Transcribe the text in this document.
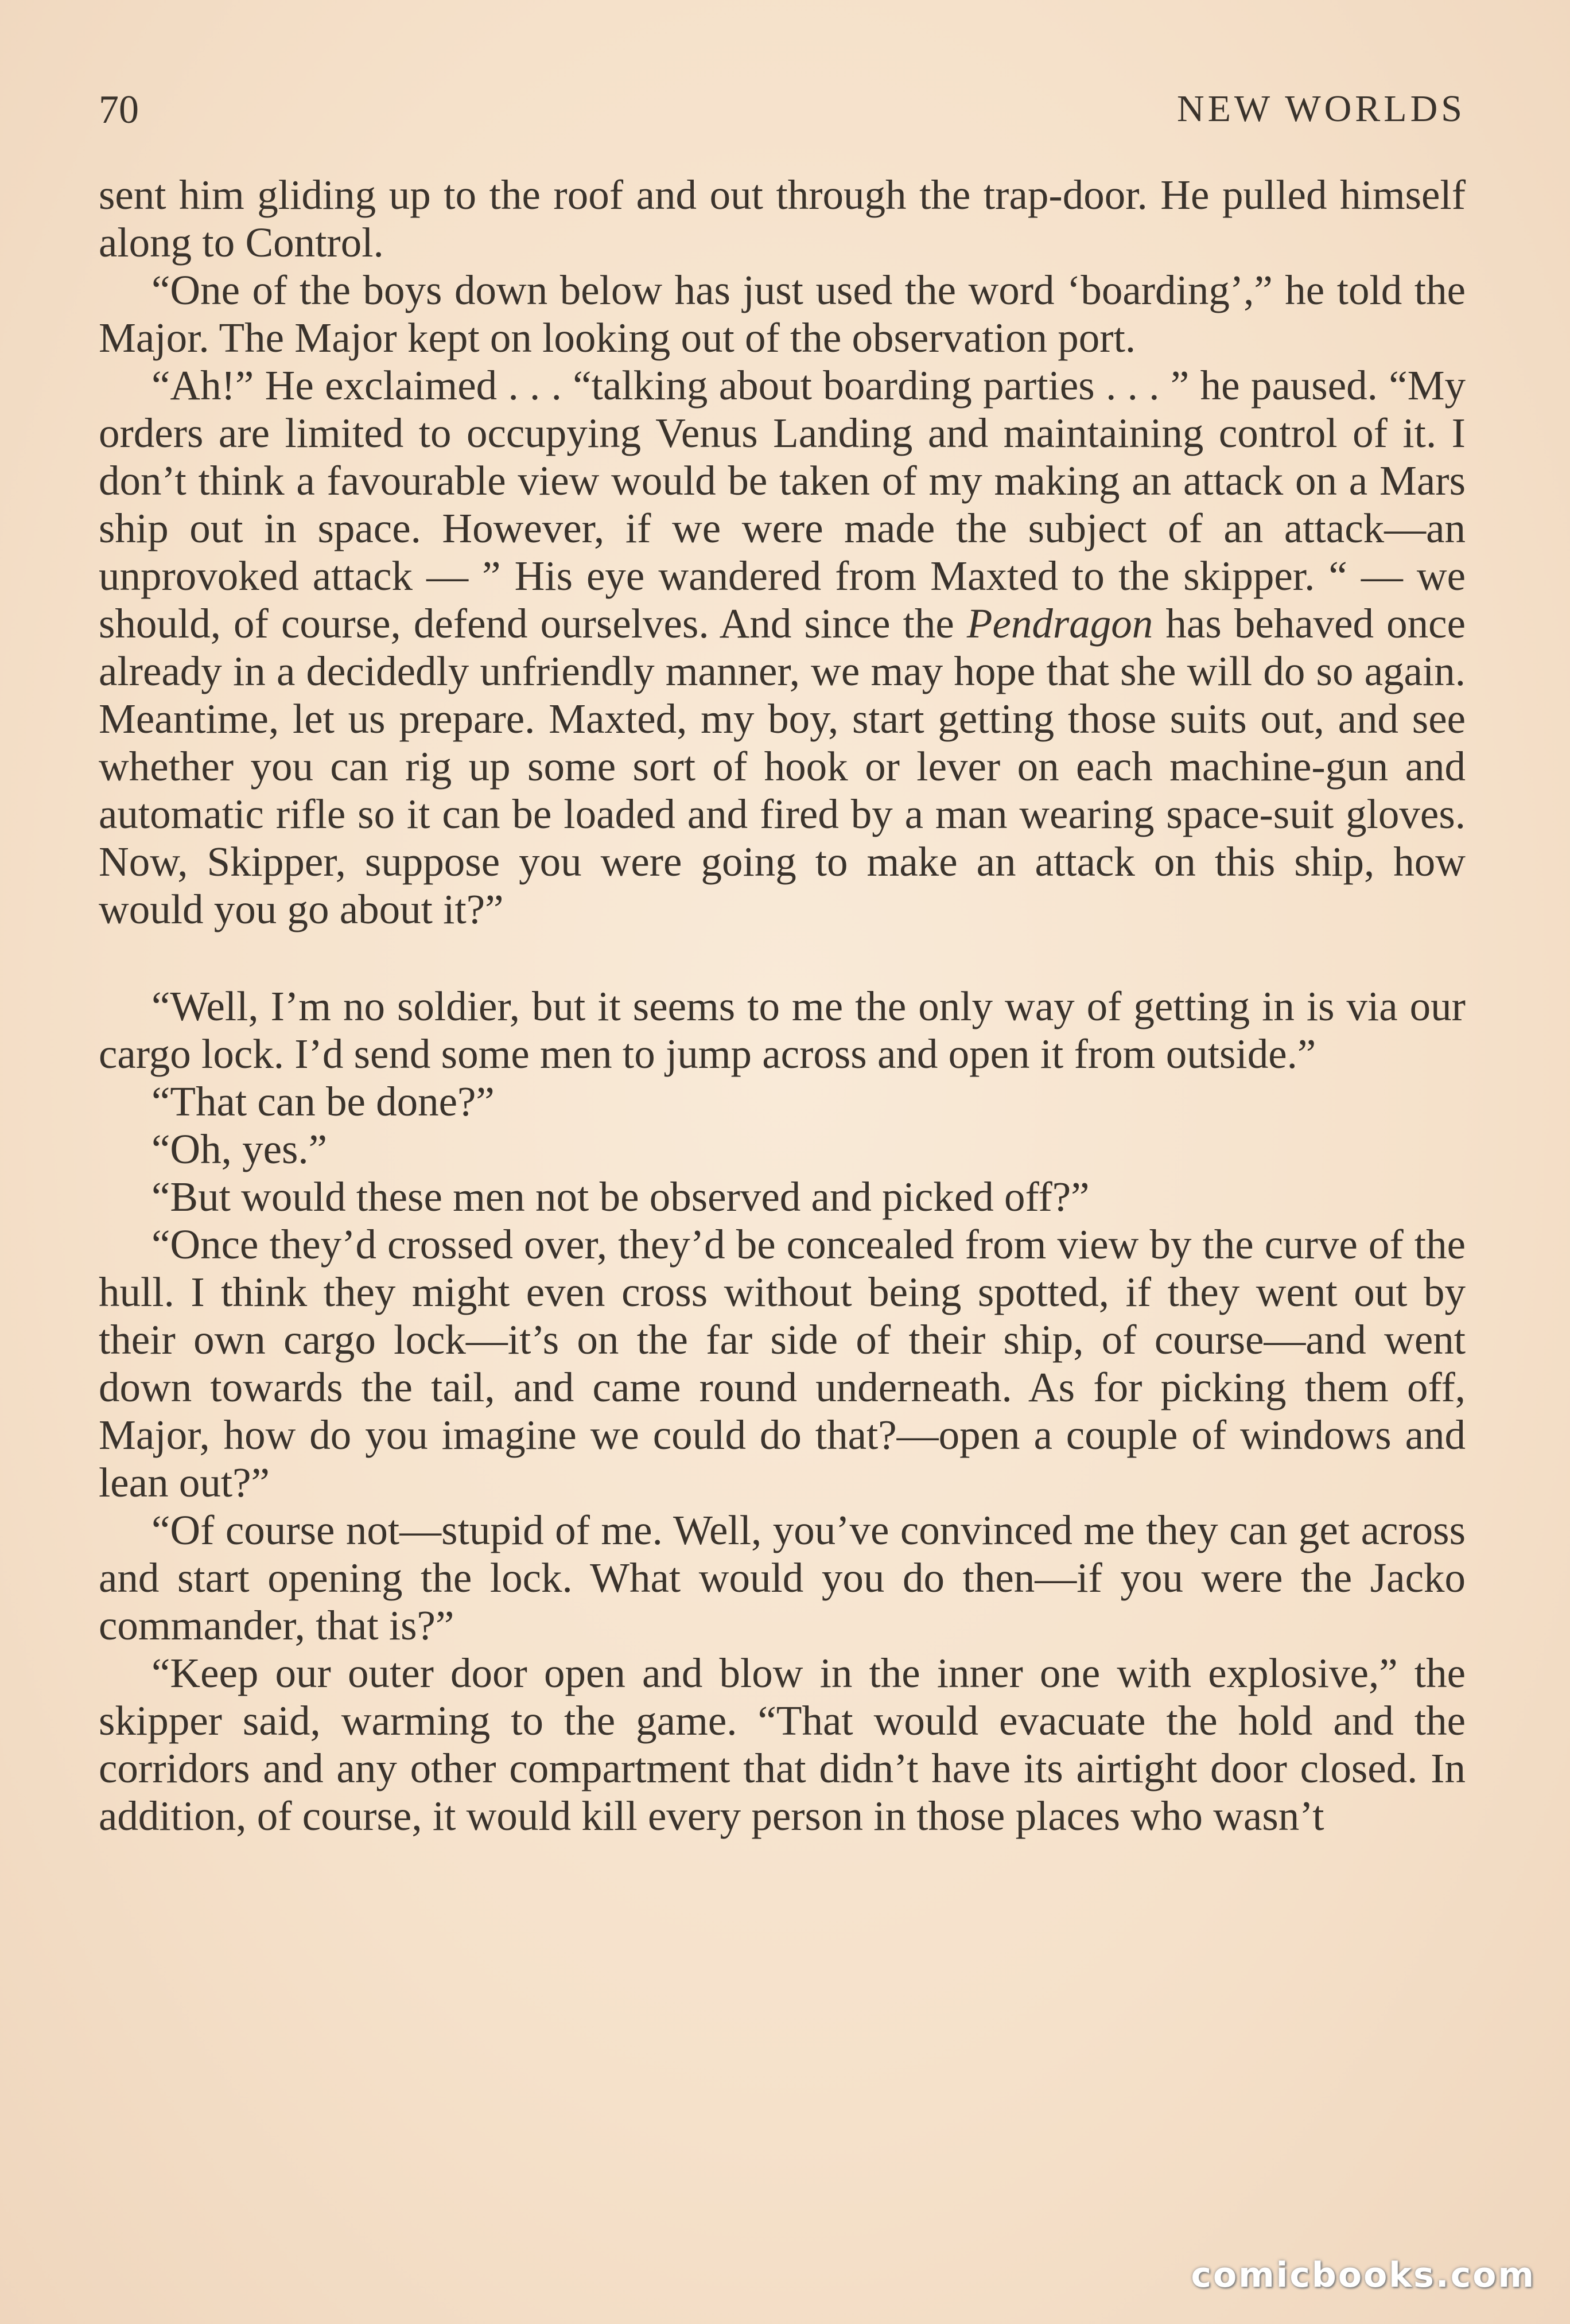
70	NEW WORLDS

sent him gliding up to the roof and out through the trap-door. He pulled himself along to Control.

“One of the boys down below has just used the word ‘boarding’,” he told the Major. The Major kept on looking out of the observation port.

“Ah!” He exclaimed . . . “talking about boarding parties . . . ” he paused. “My orders are limited to occupying Venus Landing and maintaining control of it. I don’t think a favourable view would be taken of my making an attack on a Mars ship out in space. However, if we were made the subject of an attack—an unprovoked attack — ” His eye wandered from Maxted to the skipper. “ — we should, of course, defend ourselves. And since the Pendragon has behaved once already in a decidedly unfriendly manner, we may hope that she will do so again. Meantime, let us prepare. Maxted, my boy, start getting those suits out, and see whether you can rig up some sort of hook or lever on each machine-gun and automatic rifle so it can be loaded and fired by a man wearing space-suit gloves. Now, Skipper, suppose you were going to make an attack on this ship, how would you go about it?”

“Well, I’m no soldier, but it seems to me the only way of getting in is via our cargo lock. I’d send some men to jump across and open it from outside.”

“That can be done?”

“Oh, yes.”

“But would these men not be observed and picked off?”

“Once they’d crossed over, they’d be concealed from view by the curve of the hull. I think they might even cross without being spotted, if they went out by their own cargo lock—it’s on the far side of their ship, of course—and went down towards the tail, and came round underneath. As for picking them off, Major, how do you imagine we could do that?—open a couple of windows and lean out?”

“Of course not—stupid of me. Well, you’ve convinced me they can get across and start opening the lock. What would you do then—if you were the Jacko commander, that is?”

“Keep our outer door open and blow in the inner one with explosive,” the skipper said, warming to the game. “That would evacuate the hold and the corridors and any other compartment that didn’t have its airtight door closed. In addition, of course, it would kill every person in those places who wasn’t

comicbooks.com
